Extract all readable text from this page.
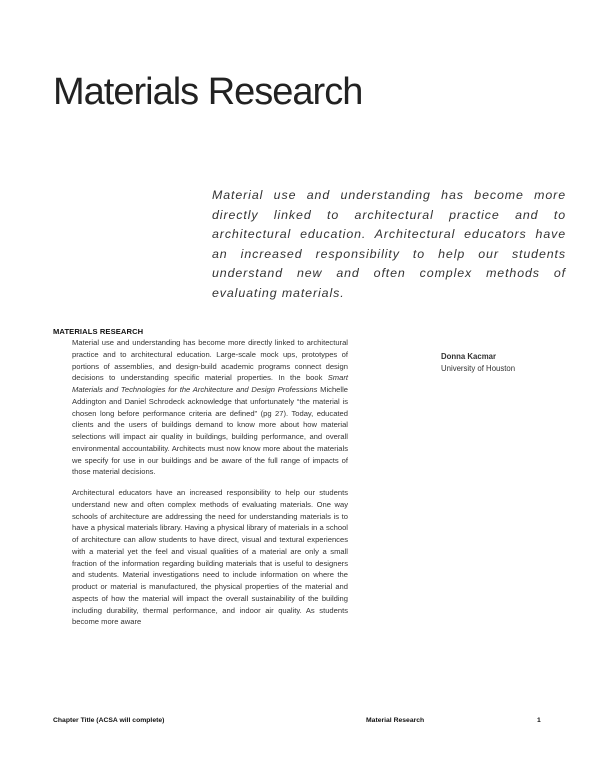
Materials Research
Material use and understanding has become more directly linked to architectural practice and to architectural education. Architectural educators have an increased responsibility to help our students understand new and often complex methods of evaluating materials.
MATERIALS RESEARCH

Material use and understanding has become more directly linked to architectural practice and to architectural education. Large-scale mock ups, prototypes of portions of assemblies, and design-build academic programs connect design decisions to understanding specific material properties. In the book Smart Materials and Technologies for the Architecture and Design Professions Michelle Addington and Daniel Schrodeck acknowledge that unfortunately “the material is chosen long before performance criteria are defined” (pg 27). Today, educated clients and the users of buildings demand to know more about how material selections will impact air quality in buildings, building performance, and overall environmental accountability. Architects must now know more about the materials we specify for use in our buildings and be aware of the full range of impacts of those material decisions.

Architectural educators have an increased responsibility to help our students understand new and often complex methods of evaluating materials. One way schools of architecture are addressing the need for understanding materials is to have a physical materials library. Having a physical library of materials in a school of architecture can allow students to have direct, visual and textural experiences with a material yet the feel and visual qualities of a material are only a small fraction of the information regarding building materials that is useful to designers and students. Material investigations need to include information on where the product or material is manufactured, the physical properties of the material and aspects of how the material will impact the overall sustainability of the building including durability, thermal performance, and indoor air quality. As students become more aware

Donna Kacmar
University of Houston
Chapter Title (ACSA will complete)	Material Research	1
